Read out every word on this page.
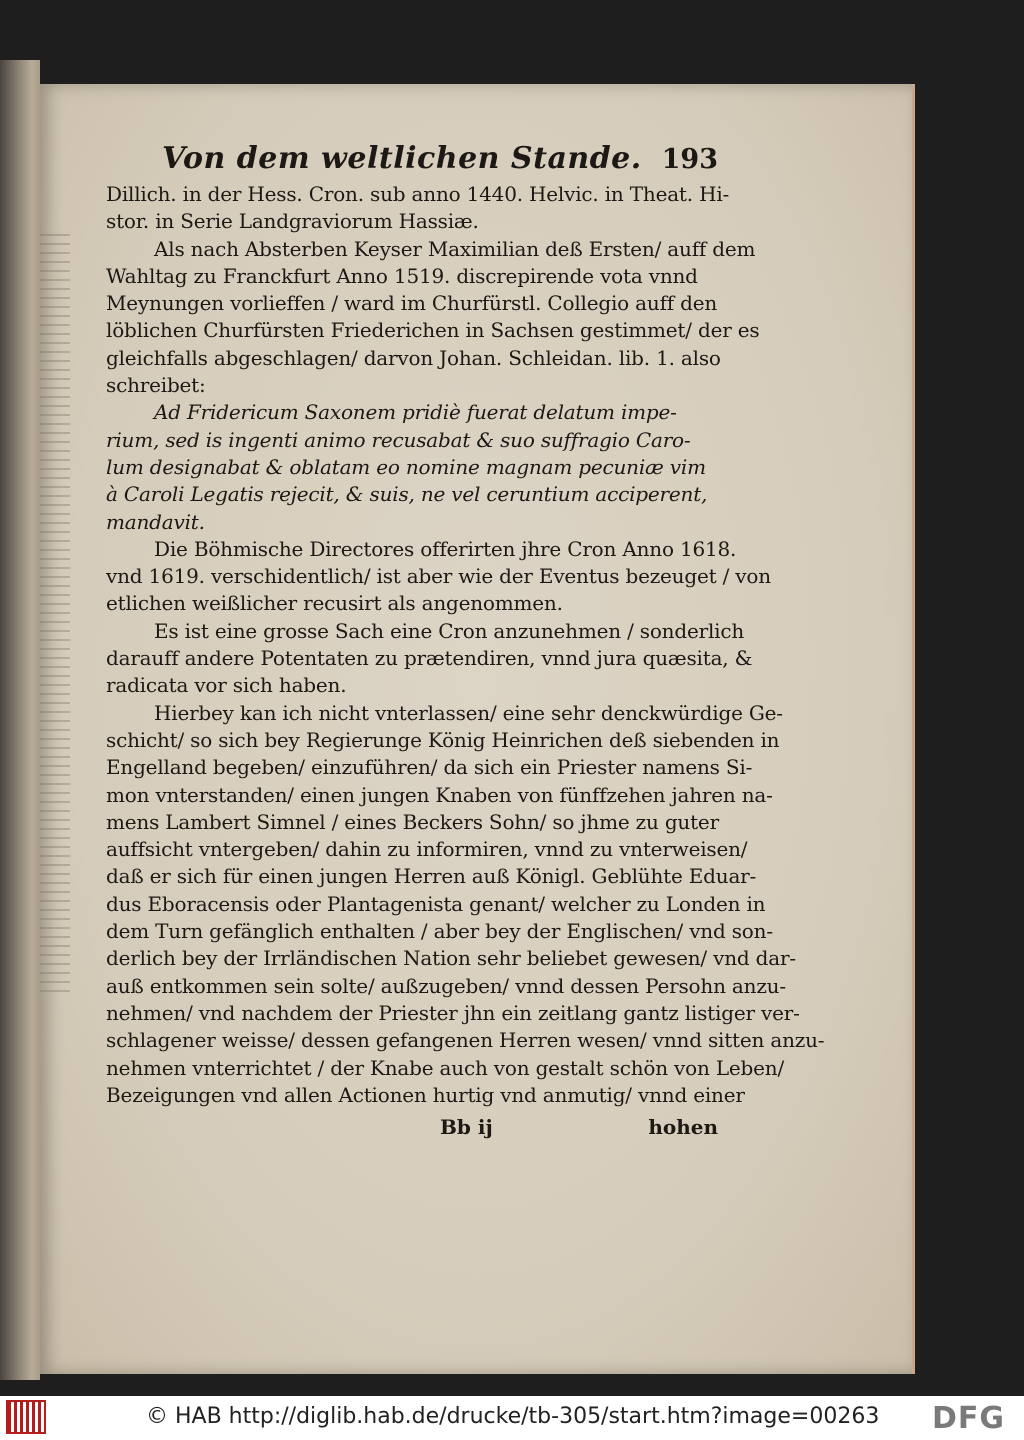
Von dem weltlichen Stande. 193
Dillich. in der Hess. Cron. sub anno 1440. Helvic. in Theat. Hi-
stor. in Serie Landgraviorum Hassiæ.
Als nach Absterben Keyser Maximilian deß Ersten/ auff dem
Wahltag zu Franckfurt Anno 1519. discrepirende vota vnnd
Meynungen vorlieffen / ward im Churfürstl. Collegio auff den
löblichen Churfürsten Friederichen in Sachsen gestimmet/ der es
gleichfalls abgeschlagen/ darvon Johan. Schleidan. lib. 1. also
schreibet:
Ad Fridericum Saxonem pridiè fuerat delatum impe-
rium, sed is ingenti animo recusabat & suo suffragio Caro-
lum designabat & oblatam eo nomine magnam pecuniæ vim
à Caroli Legatis rejecit, & suis, ne vel ceruntium acciperent,
mandavit.
Die Böhmische Directores offerirten jhre Cron Anno 1618.
vnd 1619. verschidentlich/ ist aber wie der Eventus bezeuget / von
etlichen weißlicher recusirt als angenommen.
Es ist eine grosse Sach eine Cron anzunehmen / sonderlich
darauff andere Potentaten zu prætendiren, vnnd jura quæsita, &
radicata vor sich haben.
Hierbey kan ich nicht vnterlassen/ eine sehr denckwürdige Ge-
schicht/ so sich bey Regierunge König Heinrichen deß siebenden in
Engelland begeben/ einzuführen/ da sich ein Priester namens Si-
mon vnterstanden/ einen jungen Knaben von fünffzehen jahren na-
mens Lambert Simnel / eines Beckers Sohn/ so jhme zu guter
auffsicht vntergeben/ dahin zu informiren, vnnd zu vnterweisen/
daß er sich für einen jungen Herren auß Königl. Geblühte Eduar-
dus Eboracensis oder Plantagenista genant/ welcher zu Londen in
dem Turn gefänglich enthalten / aber bey der Englischen/ vnd son-
derlich bey der Irrländischen Nation sehr beliebet gewesen/ vnd dar-
auß entkommen sein solte/ außzugeben/ vnnd dessen Persohn anzu-
nehmen/ vnd nachdem der Priester jhn ein zeitlang gantz listiger ver-
schlagener weisse/ dessen gefangenen Herren wesen/ vnnd sitten anzu-
nehmen vnterrichtet / der Knabe auch von gestalt schön von Leben/
Bezeigungen vnd allen Actionen hurtig vnd anmutig/ vnnd einer
Bb ij	hohen
© HAB http://diglib.hab.de/drucke/tb-305/start.htm?image=00263 DFG
